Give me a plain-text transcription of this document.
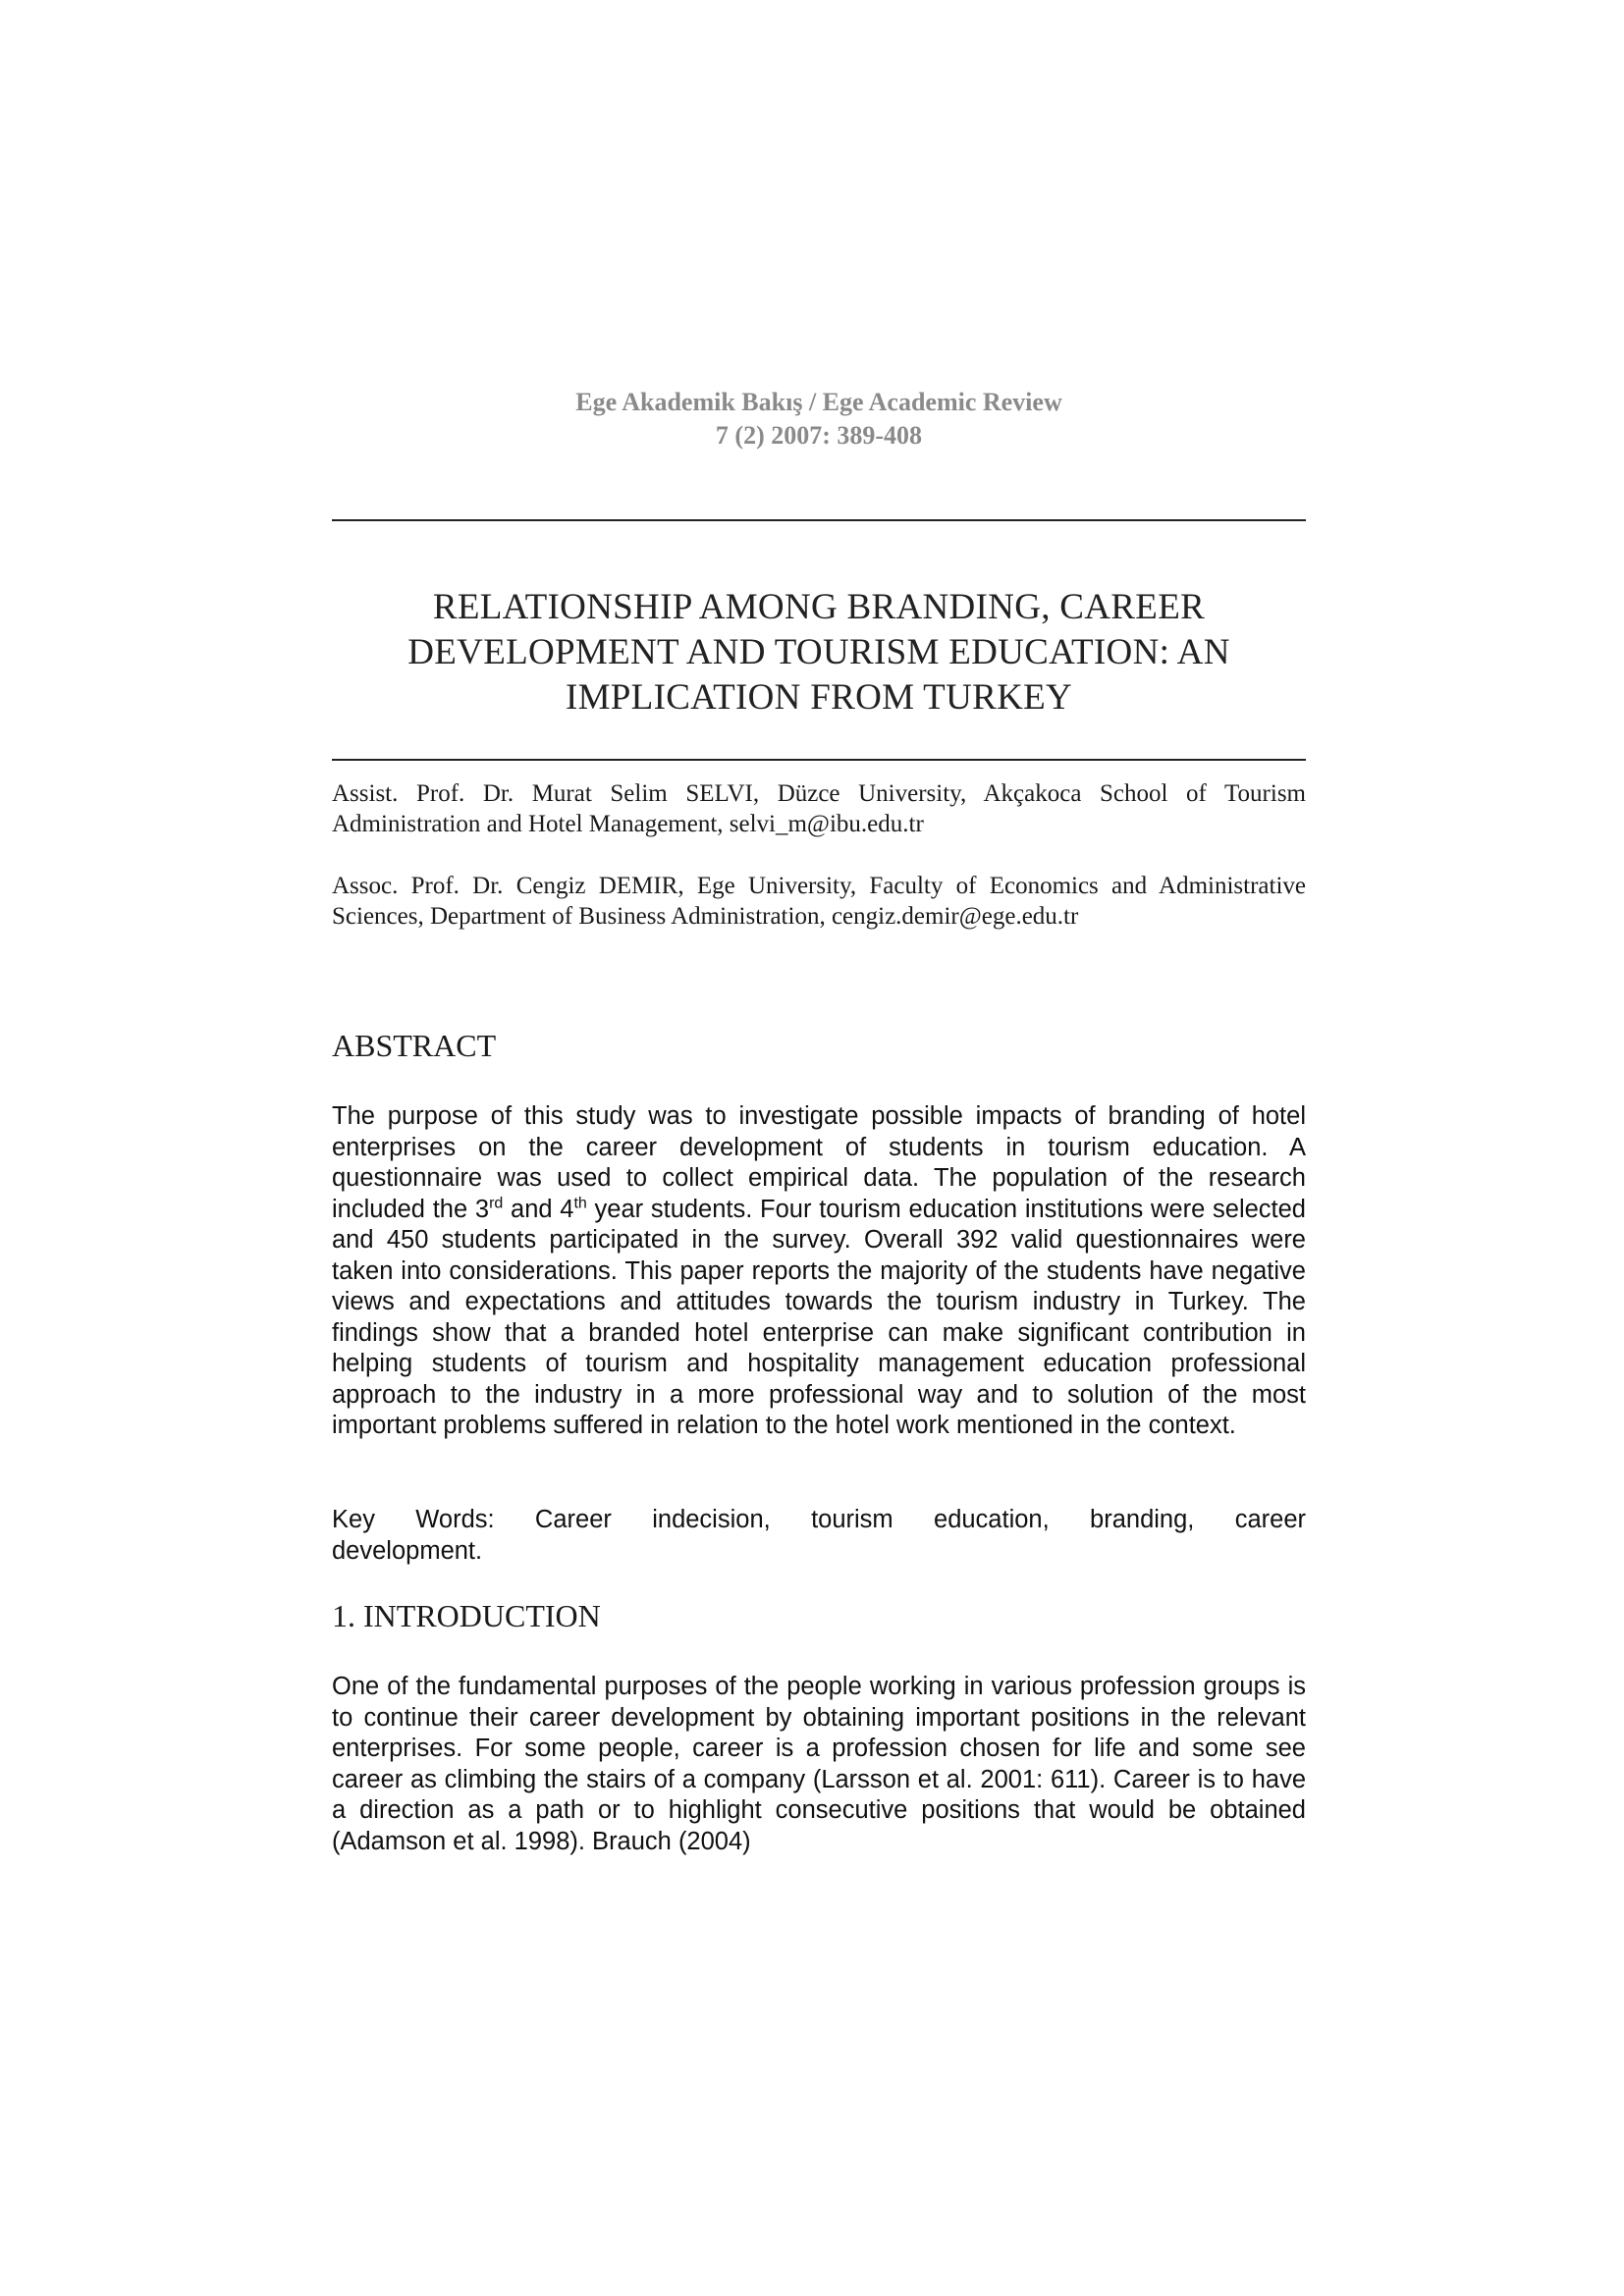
Ege Akademik Bakış / Ege Academic Review
7 (2) 2007: 389-408
RELATIONSHIP AMONG BRANDING, CAREER
DEVELOPMENT AND TOURISM EDUCATION: AN
IMPLICATION FROM TURKEY
Assist. Prof. Dr. Murat Selim SELVI, Düzce University, Akçakoca School of Tourism Administration and Hotel Management, selvi_m@ibu.edu.tr
Assoc. Prof. Dr. Cengiz DEMIR, Ege University, Faculty of Economics and Administrative Sciences, Department of Business Administration, cengiz.demir@ege.edu.tr
ABSTRACT
The purpose of this study was to investigate possible impacts of branding of hotel enterprises on the career development of students in tourism education. A questionnaire was used to collect empirical data. The population of the research included the 3rd and 4th year students. Four tourism education institutions were selected and 450 students participated in the survey. Overall 392 valid questionnaires were taken into considerations. This paper reports the majority of the students have negative views and expectations and attitudes towards the tourism industry in Turkey. The findings show that a branded hotel enterprise can make significant contribution in helping students of tourism and hospitality management education professional approach to the industry in a more professional way and to solution of the most important problems suffered in relation to the hotel work mentioned in the context.
Key Words: Career indecision, tourism education, branding, career
development.
1. INTRODUCTION
One of the fundamental purposes of the people working in various profession groups is to continue their career development by obtaining important positions in the relevant enterprises. For some people, career is a profession chosen for life and some see career as climbing the stairs of a company (Larsson et al. 2001: 611). Career is to have a direction as a path or to highlight consecutive positions that would be obtained (Adamson et al. 1998). Brauch (2004)
